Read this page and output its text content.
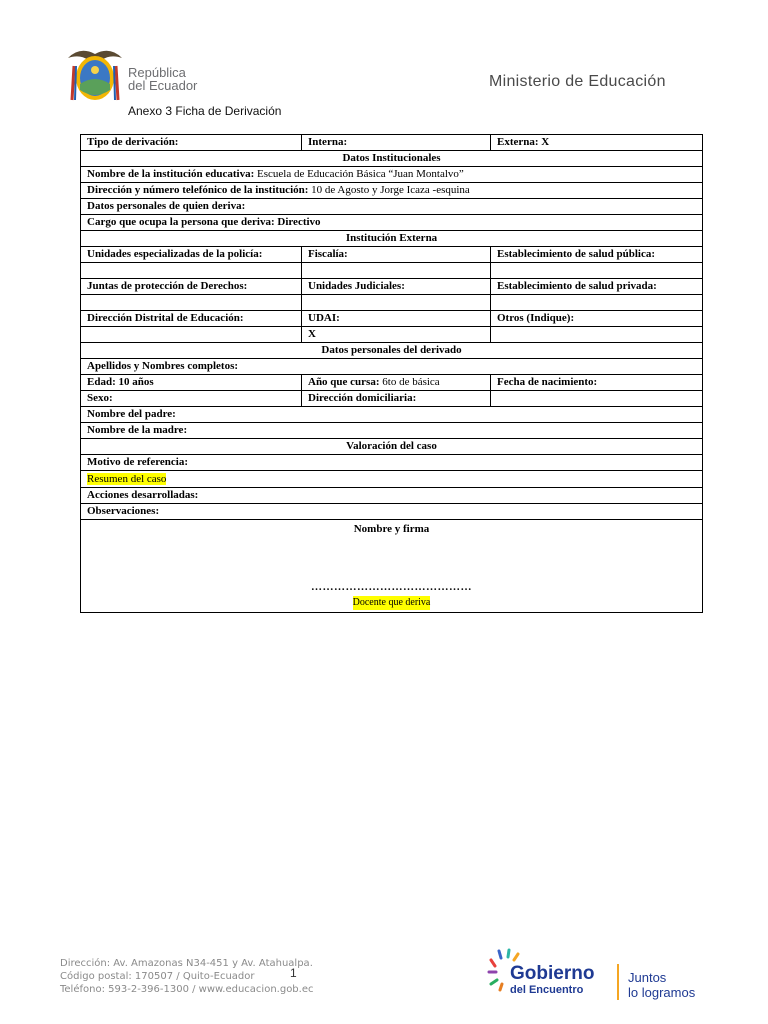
República
del Ecuador	Ministerio de Educación
Anexo 3 Ficha de Derivación
Tipo de derivación:	Interna:	Externa: X
Datos Institucionales		
Nombre de la institución educativa: Escuela de Educación Básica “Juan Montalvo”		
Dirección y número telefónico de la institución: 10 de Agosto y Jorge Icaza -esquina		
Datos personales de quien deriva:		
Cargo que ocupa la persona que deriva: Directivo		
Institución Externa		
Unidades especializadas de la policía:	Fiscalía:	Establecimiento de salud pública:

Juntas de protección de Derechos:	Unidades Judiciales:	Establecimiento de salud privada:

Dirección Distrital de Educación:	UDAI:	Otros (Indique):
	X	
Datos personales del derivado		
Apellidos y Nombres completos:		
Edad: 10 años	Año que cursa: 6to de básica	Fecha de nacimiento:
Sexo:	Dirección domiciliaria:	
Nombre del padre:		
Nombre de la madre:		
Valoración del caso		
Motivo de referencia:		
Resumen del caso		
Acciones desarrolladas:		
Observaciones:		
Nombre y firma
……………………………………
Docente que deriva		
Dirección: Av. Amazonas N34-451 y Av. Atahualpa.
Código postal: 170507 / Quito-Ecuador
Teléfono: 593-2-396-1300 / www.educacion.gob.ec
1	Gobierno
del Encuentro
Juntos
lo logramos
